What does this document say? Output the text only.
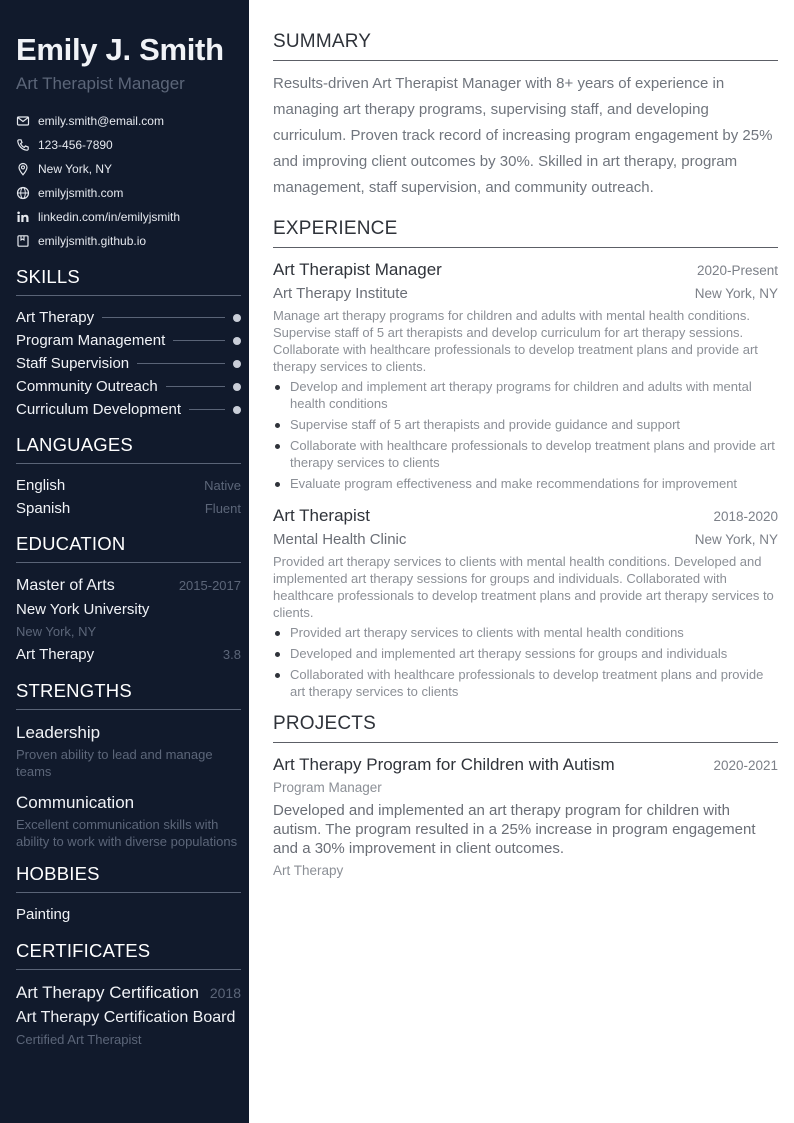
Emily J. Smith
Art Therapist Manager
emily.smith@email.com
123-456-7890
New York, NY
emilyjsmith.com
linkedin.com/in/emilyjsmith
emilyjsmith.github.io
SKILLS
Art Therapy
Program Management
Staff Supervision
Community Outreach
Curriculum Development
LANGUAGES
English	Native
Spanish	Fluent
EDUCATION
Master of Arts	2015-2017
New York University
New York, NY
Art Therapy	3.8
STRENGTHS
Leadership
Proven ability to lead and manage teams
Communication
Excellent communication skills with ability to work with diverse populations
HOBBIES
Painting
CERTIFICATES
Art Therapy Certification 2018
Art Therapy Certification Board
Certified Art Therapist
SUMMARY

Results-driven Art Therapist Manager with 8+ years of experience in managing art therapy programs, supervising staff, and developing curriculum. Proven track record of increasing program engagement by 25% and improving client outcomes by 30%. Skilled in art therapy, program management, staff supervision, and community outreach.

EXPERIENCE
Art Therapist Manager	2020-Present
Art Therapy Institute	New York, NY
Manage art therapy programs for children and adults with mental health conditions. Supervise staff of 5 art therapists and develop curriculum for art therapy sessions. Collaborate with healthcare professionals to develop treatment plans and provide art therapy services to clients.
Develop and implement art therapy programs for children and adults with mental health conditions
Supervise staff of 5 art therapists and provide guidance and support
Collaborate with healthcare professionals to develop treatment plans and provide art therapy services to clients
Evaluate program effectiveness and make recommendations for improvement
Art Therapist	2018-2020
Mental Health Clinic	New York, NY
Provided art therapy services to clients with mental health conditions. Developed and implemented art therapy sessions for groups and individuals. Collaborated with healthcare professionals to develop treatment plans and provide art therapy services to clients.
Provided art therapy services to clients with mental health conditions
Developed and implemented art therapy sessions for groups and individuals
Collaborated with healthcare professionals to develop treatment plans and provide art therapy services to clients
PROJECTS
Art Therapy Program for Children with Autism	2020-2021
Program Manager
Developed and implemented an art therapy program for children with autism. The program resulted in a 25% increase in program engagement and a 30% improvement in client outcomes.
Art Therapy
